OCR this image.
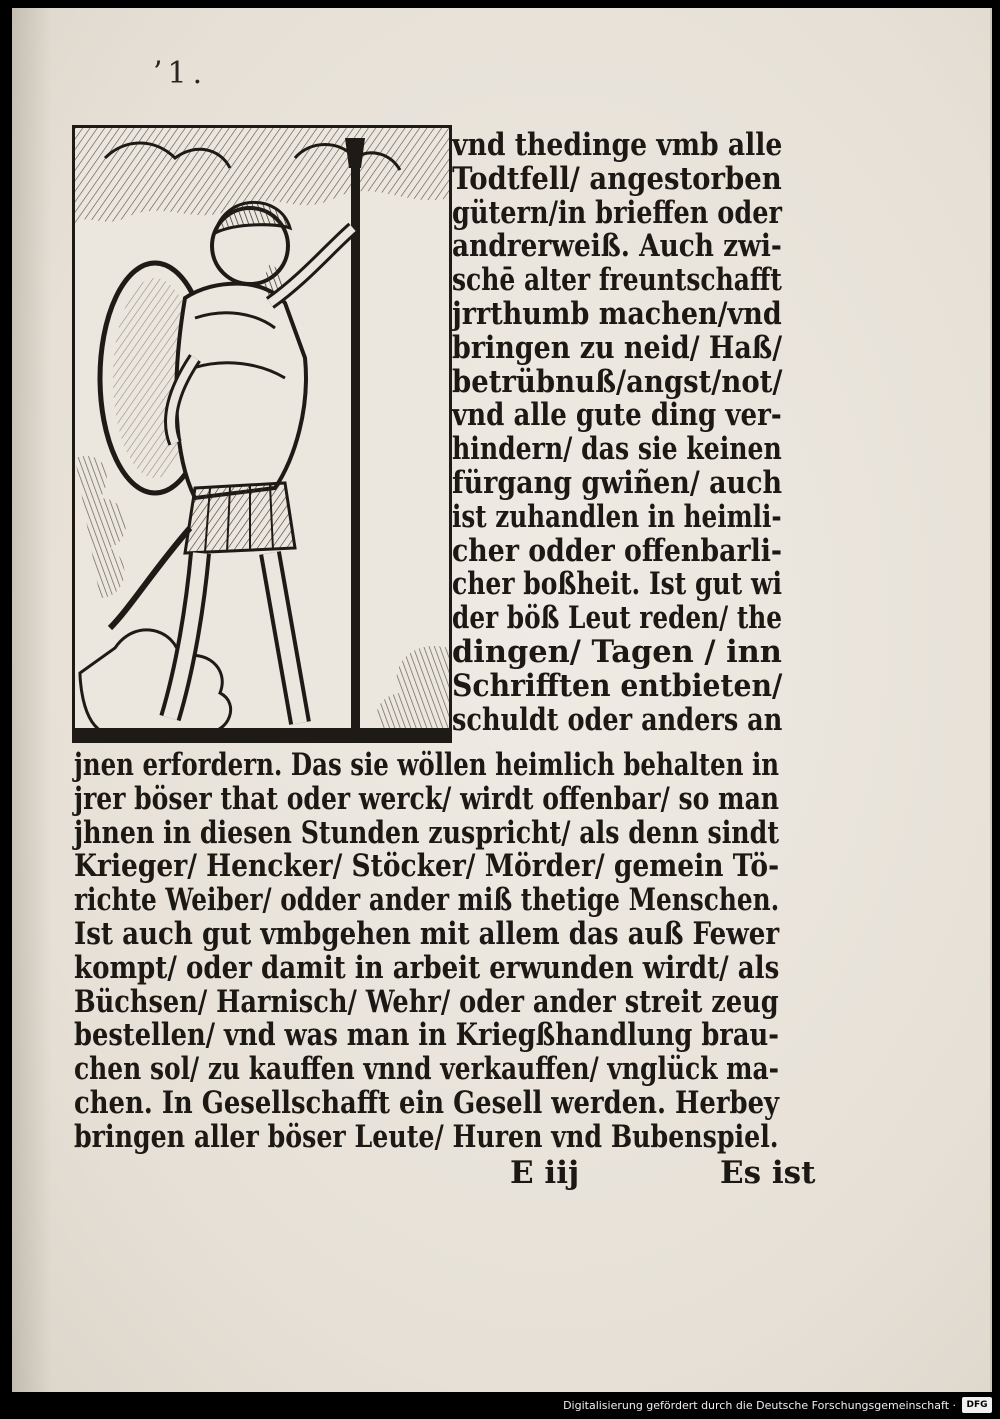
ʼ1.
vnd thedinge vmb alle
Todtfell/ angestorben
gütern/in brieffen oder
andrerweiß. Auch zwi-
schē alter freuntschafft
jrrthumb machen/vnd
bringen zu neid/ Haß/
betrübnuß/angst/not/
vnd alle gute ding ver-
hindern/ das sie keinen
fürgang gwiñen/ auch
ist zuhandlen in heimli-
cher odder offenbarli-
cher boßheit. Ist gut wi
der böß Leut reden/ the
dingen/ Tagen / inn
Schrifften entbieten/
schuldt oder anders an
jnen erfordern. Das sie wöllen heimlich behalten in
jrer böser that oder werck/ wirdt offenbar/ so man
jhnen in diesen Stunden zuspricht/ als denn sindt
Krieger/ Hencker/ Stöcker/ Mörder/ gemein Tö-
richte Weiber/ odder ander miß thetige Menschen.
Ist auch gut vmbgehen mit allem das auß Fewer
kompt/ oder damit in arbeit erwunden wirdt/ als
Büchsen/ Harnisch/ Wehr/ oder ander streit zeug
bestellen/ vnd was man in Kriegßhandlung brau-
chen sol/ zu kauffen vnnd verkauffen/ vnglück ma-
chen. In Gesellschafft ein Gesell werden. Herbey
bringen aller böser Leute/ Huren vnd Bubenspiel.
E iij	Es ist
Digitalisierung gefördert durch die Deutsche Forschungsgemeinschaft ·	DFG
